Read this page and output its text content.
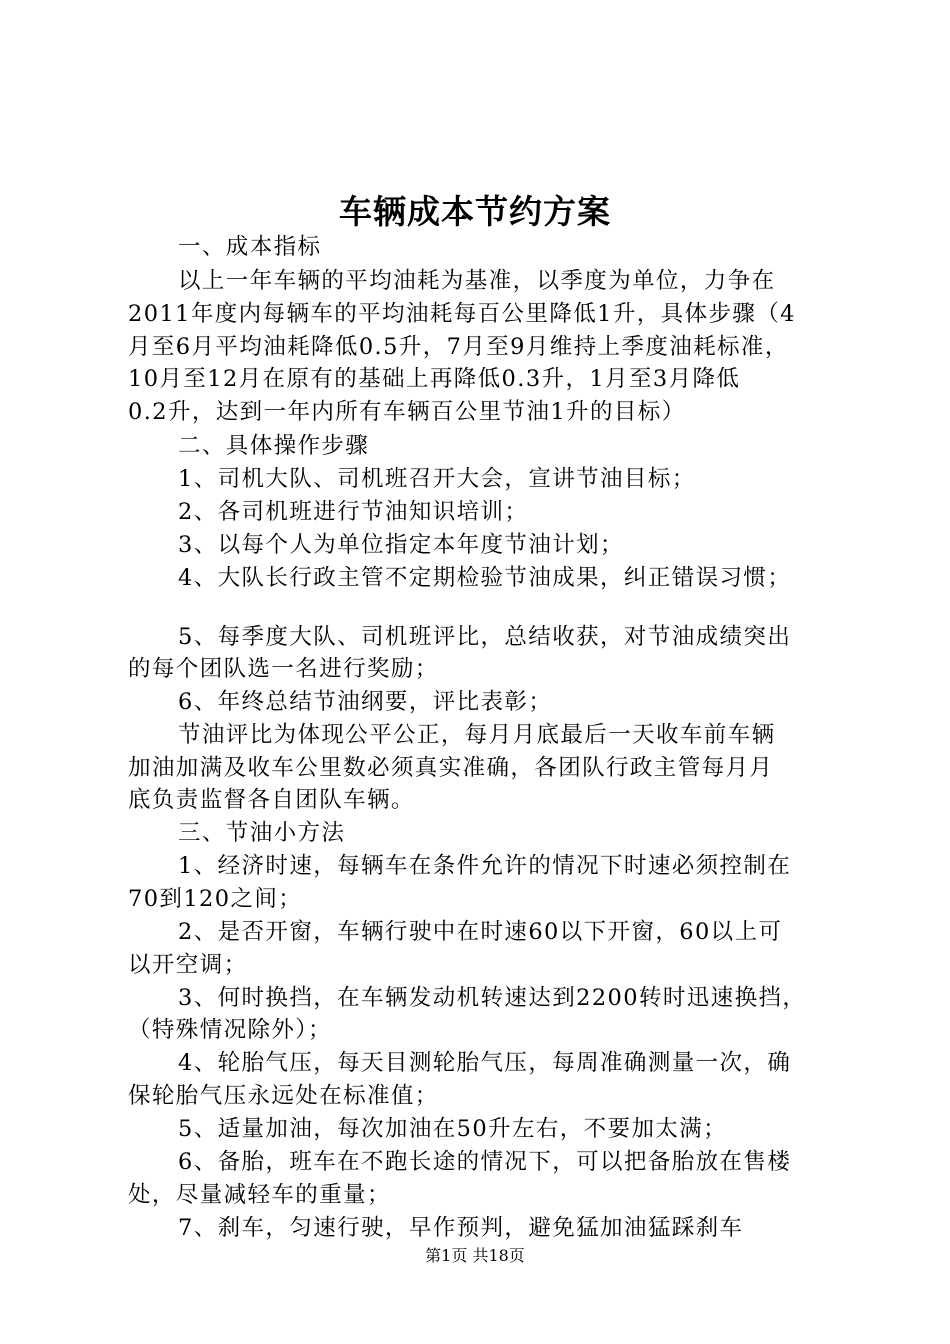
车辆成本节约方案
一、成本指标
以上一年车辆的平均油耗为基准，以季度为单位，力争在
2011年度内每辆车的平均油耗每百公里降低1升，具体步骤（4
月至6月平均油耗降低0.5升，7月至9月维持上季度油耗标准，
10月至12月在原有的基础上再降低0.3升，1月至3月降低
0.2升，达到一年内所有车辆百公里节油1升的目标）
二、具体操作步骤
1、司机大队、司机班召开大会，宣讲节油目标；
2、各司机班进行节油知识培训；
3、以每个人为单位指定本年度节油计划；
4、大队长行政主管不定期检验节油成果，纠正错误习惯；
5、每季度大队、司机班评比，总结收获，对节油成绩突出
的每个团队选一名进行奖励；
6、年终总结节油纲要，评比表彰；
节油评比为体现公平公正，每月月底最后一天收车前车辆
加油加满及收车公里数必须真实准确，各团队行政主管每月月
底负责监督各自团队车辆。
三、节油小方法
1、经济时速，每辆车在条件允许的情况下时速必须控制在
70到120之间；
2、是否开窗，车辆行驶中在时速60以下开窗，60以上可
以开空调；
3、何时换挡，在车辆发动机转速达到2200转时迅速换挡，
（特殊情况除外）；
4、轮胎气压，每天目测轮胎气压，每周准确测量一次，确
保轮胎气压永远处在标准值；
5、适量加油，每次加油在50升左右，不要加太满；
6、备胎，班车在不跑长途的情况下，可以把备胎放在售楼
处，尽量减轻车的重量；
7、刹车，匀速行驶，早作预判，避免猛加油猛踩刹车
第1页 共18页
